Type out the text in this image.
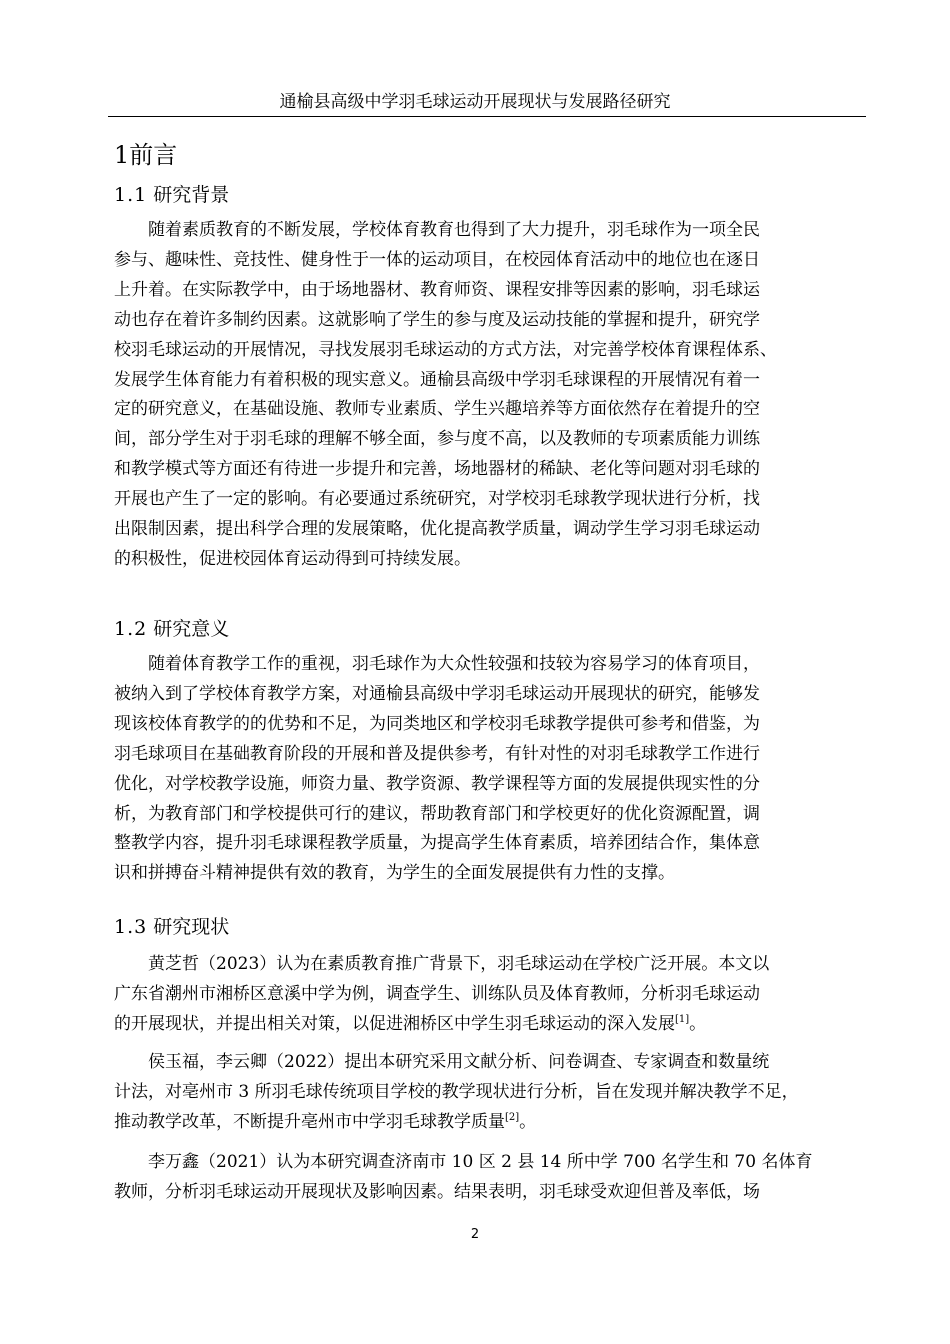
通榆县高级中学羽毛球运动开展现状与发展路径研究
1前言
1.1 研究背景
随着素质教育的不断发展，学校体育教育也得到了大力提升，羽毛球作为一项全民
参与、趣味性、竞技性、健身性于一体的运动项目，在校园体育活动中的地位也在逐日
上升着。在实际教学中，由于场地器材、教育师资、课程安排等因素的影响，羽毛球运
动也存在着许多制约因素。这就影响了学生的参与度及运动技能的掌握和提升，研究学
校羽毛球运动的开展情况，寻找发展羽毛球运动的方式方法，对完善学校体育课程体系、
发展学生体育能力有着积极的现实意义。通榆县高级中学羽毛球课程的开展情况有着一
定的研究意义，在基础设施、教师专业素质、学生兴趣培养等方面依然存在着提升的空
间，部分学生对于羽毛球的理解不够全面，参与度不高，以及教师的专项素质能力训练
和教学模式等方面还有待进一步提升和完善，场地器材的稀缺、老化等问题对羽毛球的
开展也产生了一定的影响。有必要通过系统研究，对学校羽毛球教学现状进行分析，找
出限制因素，提出科学合理的发展策略，优化提高教学质量，调动学生学习羽毛球运动
的积极性，促进校园体育运动得到可持续发展。
1.2 研究意义
随着体育教学工作的重视，羽毛球作为大众性较强和技较为容易学习的体育项目，
被纳入到了学校体育教学方案，对通榆县高级中学羽毛球运动开展现状的研究，能够发
现该校体育教学的的优势和不足，为同类地区和学校羽毛球教学提供可参考和借鉴，为
羽毛球项目在基础教育阶段的开展和普及提供参考，有针对性的对羽毛球教学工作进行
优化，对学校教学设施，师资力量、教学资源、教学课程等方面的发展提供现实性的分
析，为教育部门和学校提供可行的建议，帮助教育部门和学校更好的优化资源配置，调
整教学内容，提升羽毛球课程教学质量，为提高学生体育素质，培养团结合作，集体意
识和拼搏奋斗精神提供有效的教育，为学生的全面发展提供有力性的支撑。
1.3 研究现状
黄芝哲（2023）认为在素质教育推广背景下，羽毛球运动在学校广泛开展。本文以
广东省潮州市湘桥区意溪中学为例，调查学生、训练队员及体育教师，分析羽毛球运动
的开展现状，并提出相关对策，以促进湘桥区中学生羽毛球运动的深入发展[1]。
侯玉福，李云卿（2022）提出本研究采用文献分析、问卷调查、专家调查和数量统
计法，对亳州市 3 所羽毛球传统项目学校的教学现状进行分析，旨在发现并解决教学不足，
推动教学改革，不断提升亳州市中学羽毛球教学质量[2]。
李万鑫（2021）认为本研究调查济南市 10 区 2 县 14 所中学 700 名学生和 70 名体育
教师，分析羽毛球运动开展现状及影响因素。结果表明，羽毛球受欢迎但普及率低，场
2
